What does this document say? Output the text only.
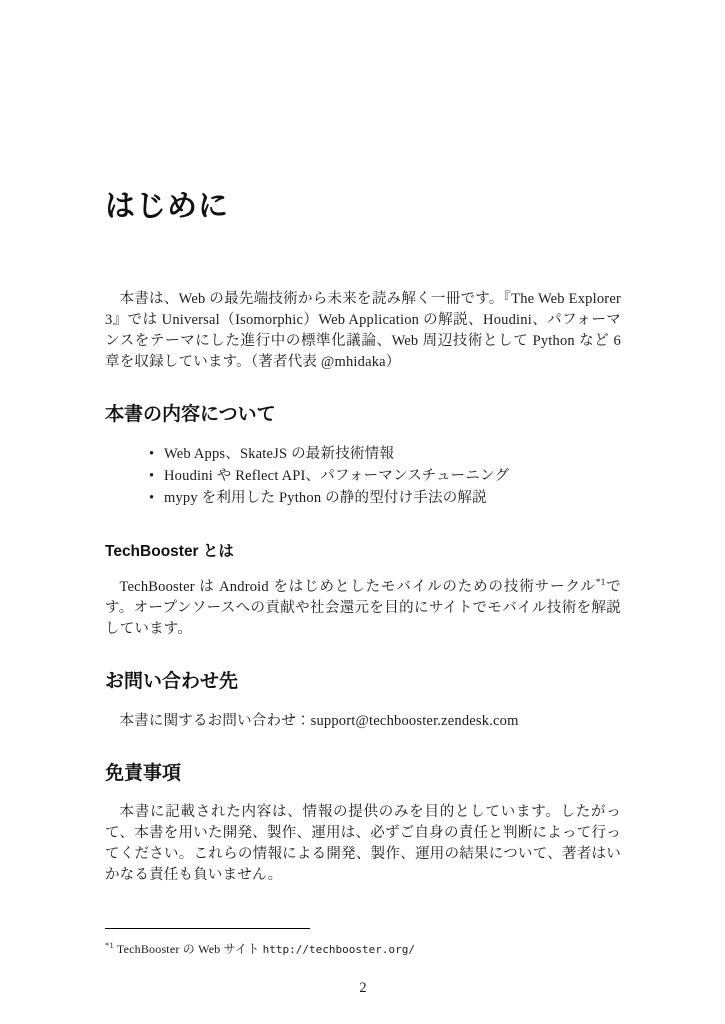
はじめに

本書は、Web の最先端技術から未来を読み解く一冊です。『The Web Explorer 3』では Universal（Isomorphic）Web Application の解説、Houdini、パフォーマンスをテーマにした進行中の標準化議論、Web 周辺技術として Python など 6 章を収録しています。（著者代表 @mhidaka）

本書の内容について
• Web Apps、SkateJS の最新技術情報
• Houdini や Reflect API、パフォーマンスチューニング
• mypy を利用した Python の静的型付け手法の解説
TechBooster とは

TechBooster は Android をはじめとしたモバイルのための技術サークル$^{*1}$です。オープンソースへの貢献や社会還元を目的にサイトでモバイル技術を解説しています。

お問い合わせ先

本書に関するお問い合わせ：support@techbooster.zendesk.com

免責事項

本書に記載された内容は、情報の提供のみを目的としています。したがって、本書を用いた開発、製作、運用は、必ずご自身の責任と判断によって行ってください。これらの情報による開発、製作、運用の結果について、著者はいかなる責任も負いません。

$^{*1}$ TechBooster の Web サイト http://techbooster.org/

2
